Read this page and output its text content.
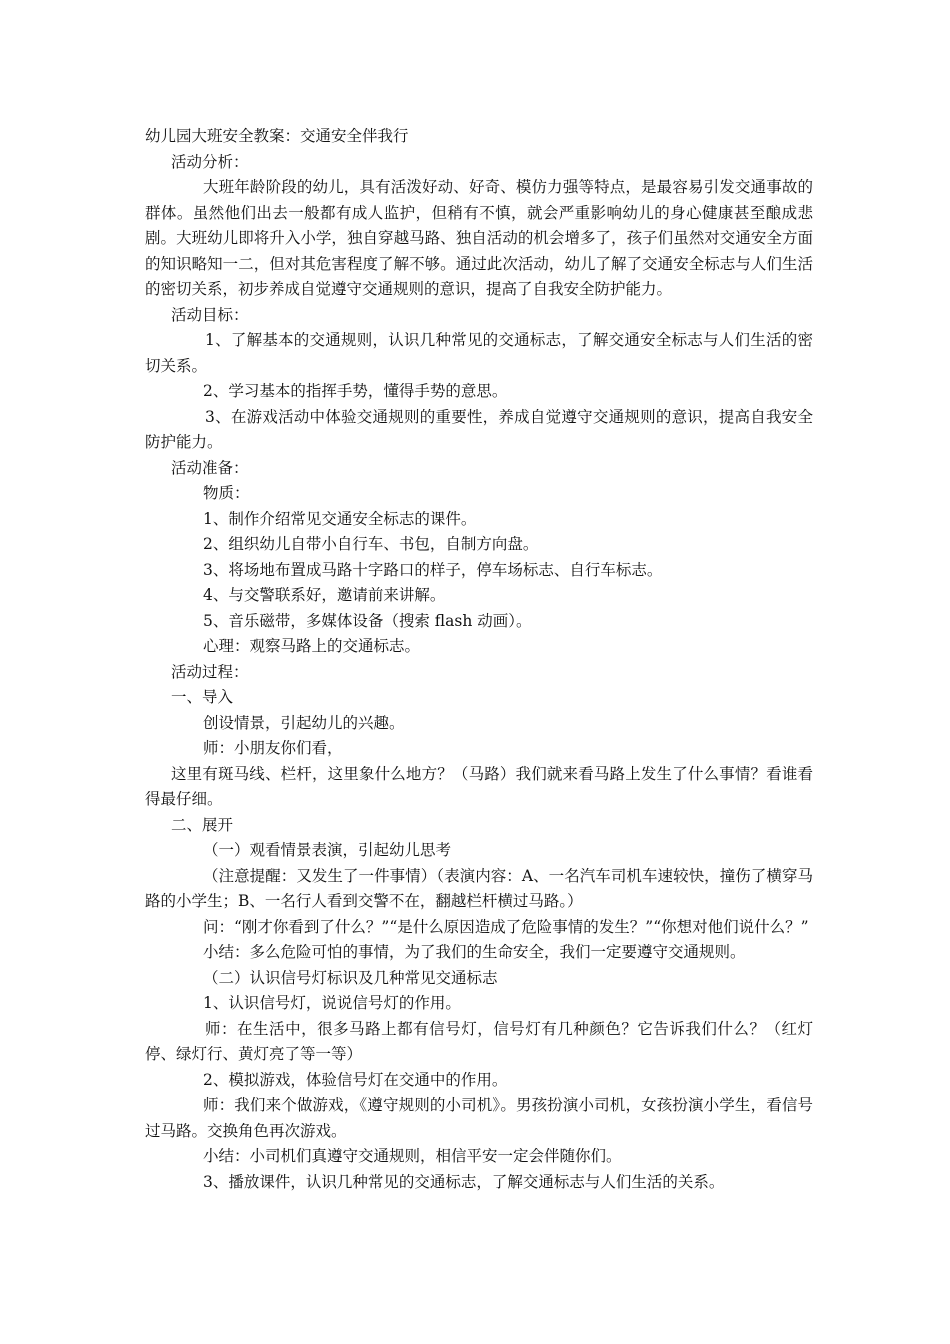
幼儿园大班安全教案：交通安全伴我行

活动分析：

大班年龄阶段的幼儿，具有活泼好动、好奇、模仿力强等特点，是最容易引发交通事故的群体。虽然他们出去一般都有成人监护，但稍有不慎，就会严重影响幼儿的身心健康甚至酿成悲剧。大班幼儿即将升入小学，独自穿越马路、独自活动的机会增多了，孩子们虽然对交通安全方面的知识略知一二，但对其危害程度了解不够。通过此次活动，幼儿了解了交通安全标志与人们生活的密切关系，初步养成自觉遵守交通规则的意识，提高了自我安全防护能力。

活动目标：

1、了解基本的交通规则，认识几种常见的交通标志，了解交通安全标志与人们生活的密切关系。

2、学习基本的指挥手势，懂得手势的意思。

3、在游戏活动中体验交通规则的重要性，养成自觉遵守交通规则的意识，提高自我安全防护能力。

活动准备：

物质：

1、制作介绍常见交通安全标志的课件。

2、组织幼儿自带小自行车、书包，自制方向盘。

3、将场地布置成马路十字路口的样子，停车场标志、自行车标志。

4、与交警联系好，邀请前来讲解。

5、音乐磁带，多媒体设备（搜索 flash 动画）。

心理：观察马路上的交通标志。

活动过程：

一、导入

创设情景，引起幼儿的兴趣。

师：小朋友你们看，

这里有斑马线、栏杆，这里象什么地方？（马路）我们就来看马路上发生了什么事情？看谁看得最仔细。

二、展开

（一）观看情景表演，引起幼儿思考

（注意提醒：又发生了一件事情）（表演内容：A、一名汽车司机车速较快，撞伤了横穿马路的小学生；B、一名行人看到交警不在，翻越栏杆横过马路。）

问：“刚才你看到了什么？”“是什么原因造成了危险事情的发生？”“你想对他们说什么？”

小结：多么危险可怕的事情，为了我们的生命安全，我们一定要遵守交通规则。

（二）认识信号灯标识及几种常见交通标志

1、认识信号灯，说说信号灯的作用。

师：在生活中，很多马路上都有信号灯，信号灯有几种颜色？它告诉我们什么？（红灯停、绿灯行、黄灯亮了等一等）

2、模拟游戏，体验信号灯在交通中的作用。

师：我们来个做游戏，《遵守规则的小司机》。男孩扮演小司机，女孩扮演小学生，看信号过马路。交换角色再次游戏。

小结：小司机们真遵守交通规则，相信平安一定会伴随你们。

3、播放课件，认识几种常见的交通标志，了解交通标志与人们生活的关系。
